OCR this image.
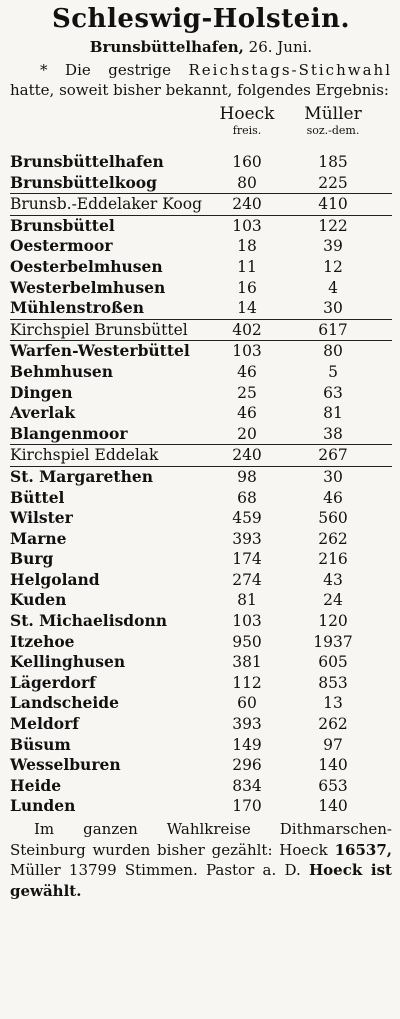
Schleswig-Holstein.
Brunsbüttelhafen, 26. Juni.
* Die gestrige Reichstags-Stichwahl hatte, soweit bisher bekannt, folgendes Ergebnis:
Hoeck
freis.
Müller
soz.-dem.
Brunsbüttelhafen	160	185
Brunsbüttelkoog	80	225
Brunsb.-Eddelaker Koog	240	410
Brunsbüttel	103	122
Oestermoor	18	39
Oesterbelmhusen	11	12
Westerbelmhusen	16	4
Mühlenstroßen	14	30
Kirchspiel Brunsbüttel	402	617
Warfen-Westerbüttel	103	80
Behmhusen	46	5
Dingen	25	63
Averlak	46	81
Blangenmoor	20	38
Kirchspiel Eddelak	240	267
St. Margarethen	98	30
Büttel	68	46
Wilster	459	560
Marne	393	262
Burg	174	216
Helgoland	274	43
Kuden	81	24
St. Michaelisdonn	103	120
Itzehoe	950	1937
Kellinghusen	381	605
Lägerdorf	112	853
Landscheide	60	13
Meldorf	393	262
Büsum	149	97
Wesselburen	296	140
Heide	834	653
Lunden	170	140
Im ganzen Wahlkreise Dithmarschen-Steinburg wurden bisher gezählt: Hoeck 16537, Müller 13799 Stimmen. Pastor a. D. Hoeck ist gewählt.
